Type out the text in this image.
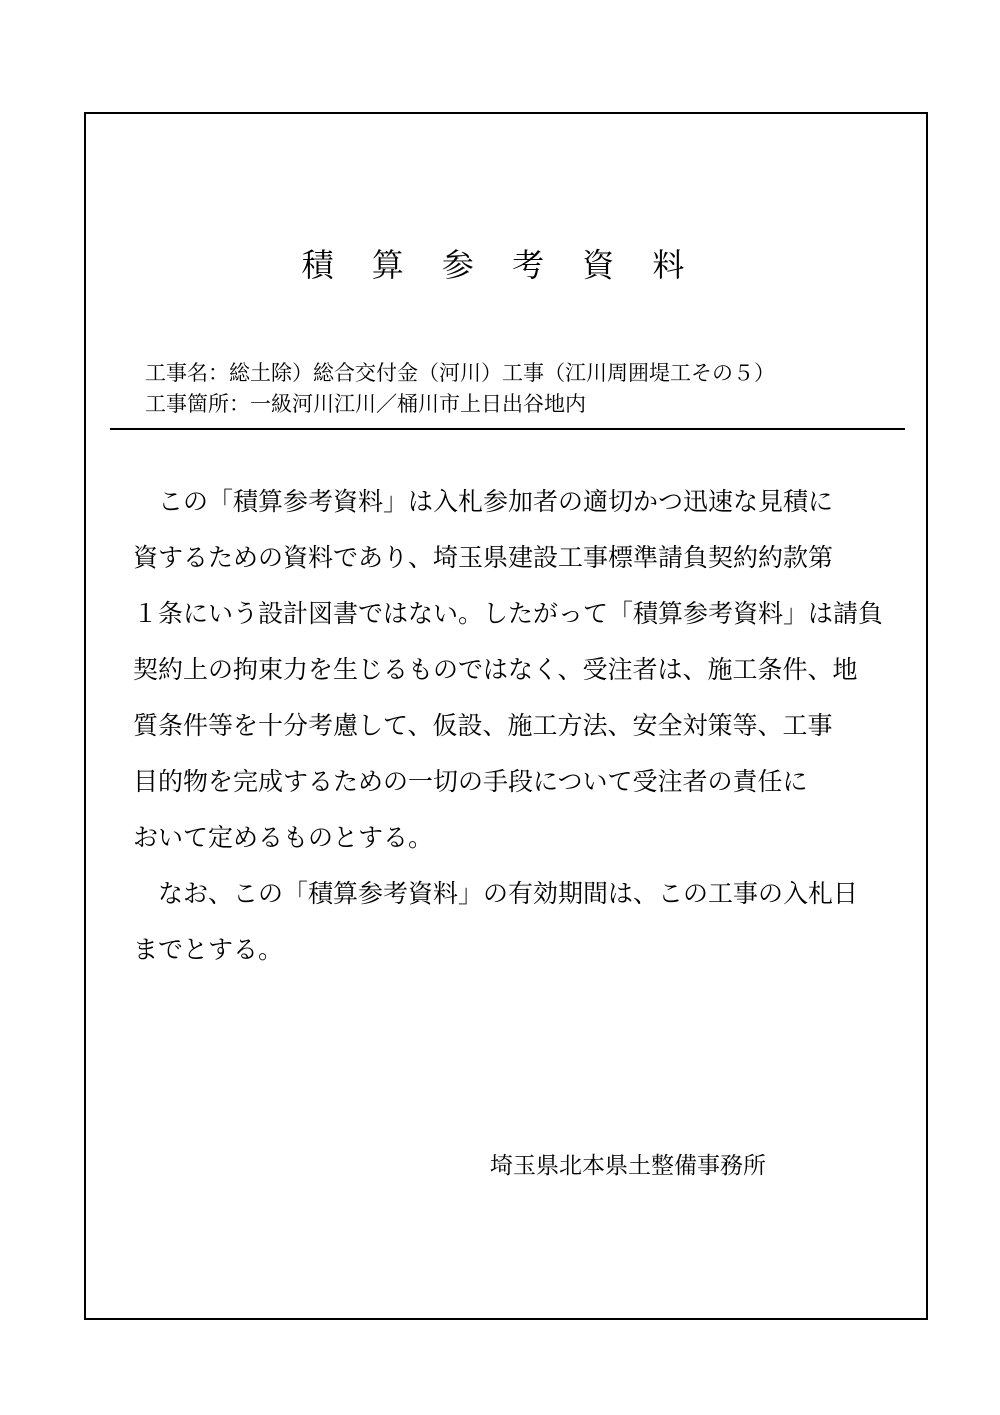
積 算 参 考 資 料
工事名：総土除）総合交付金（河川）工事（江川周囲堤工その５）
工事箇所：一級河川江川／桶川市上日出谷地内
　この「積算参考資料」は入札参加者の適切かつ迅速な見積に
資するための資料であり、埼玉県建設工事標準請負契約約款第
１条にいう設計図書ではない。したがって「積算参考資料」は請負
契約上の拘束力を生じるものではなく、受注者は、施工条件、地
質条件等を十分考慮して、仮設、施工方法、安全対策等、工事
目的物を完成するための一切の手段について受注者の責任に
おいて定めるものとする。
　なお、この「積算参考資料」の有効期間は、この工事の入札日
までとする。
埼玉県北本県土整備事務所
